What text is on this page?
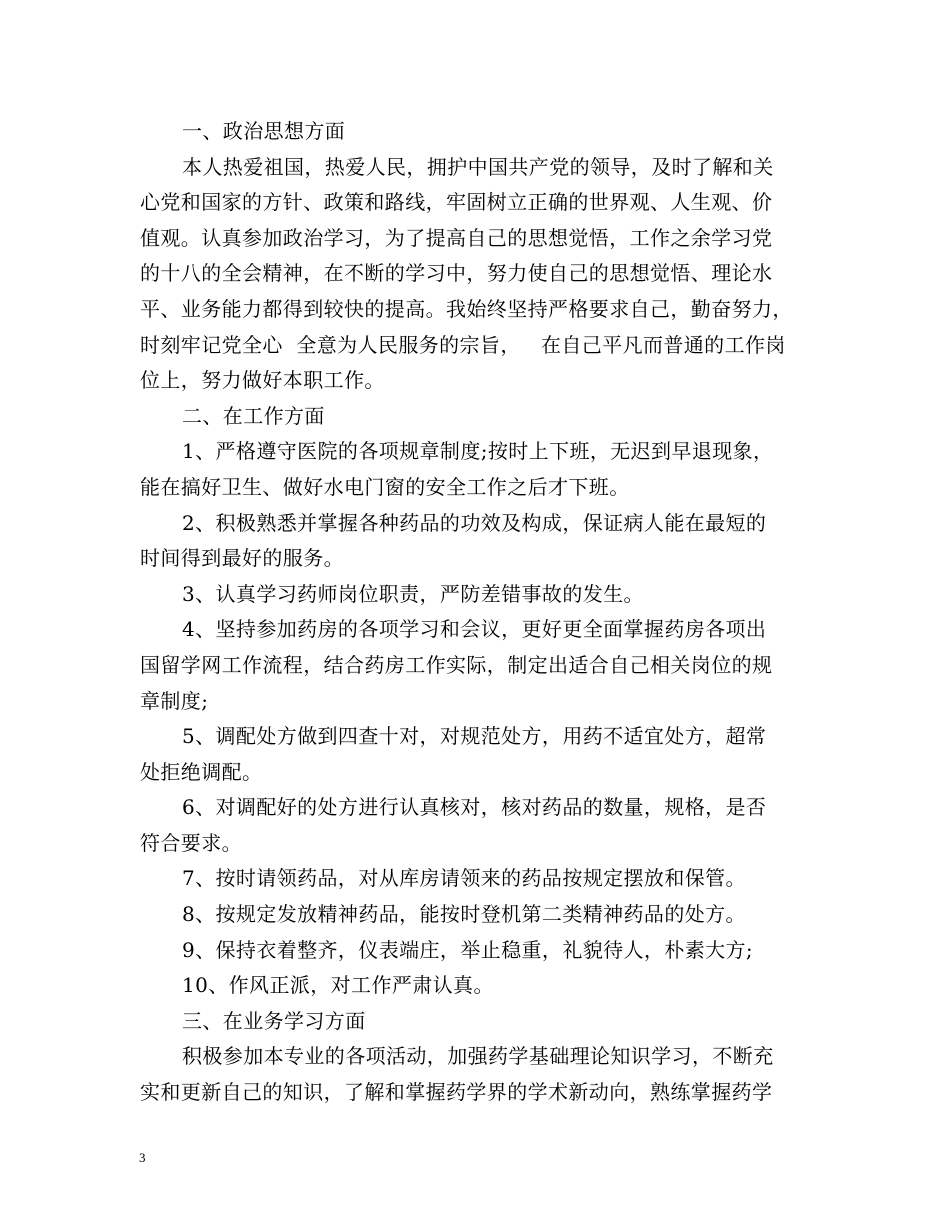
一、政治思想方面
本人热爱祖国，热爱人民，拥护中国共产党的领导，及时了解和关
心党和国家的方针、政策和路线，牢固树立正确的世界观、人生观、价
值观。认真参加政治学习，为了提高自己的思想觉悟，工作之余学习党
的十八的全会精神，在不断的学习中，努力使自己的思想觉悟、理论水
平、业务能力都得到较快的提高。我始终坚持严格要求自己，勤奋努力，
时刻牢记党全心  全意为人民服务的宗旨，   在自己平凡而普通的工作岗
位上，努力做好本职工作。
二、在工作方面
1、严格遵守医院的各项规章制度;按时上下班，无迟到早退现象，
能在搞好卫生、做好水电门窗的安全工作之后才下班。
2、积极熟悉并掌握各种药品的功效及构成，保证病人能在最短的
时间得到最好的服务。
3、认真学习药师岗位职责，严防差错事故的发生。
4、坚持参加药房的各项学习和会议，更好更全面掌握药房各项出
国留学网工作流程，结合药房工作实际，制定出适合自己相关岗位的规
章制度;
5、调配处方做到四查十对，对规范处方，用药不适宜处方，超常
处拒绝调配。
6、对调配好的处方进行认真核对，核对药品的数量，规格，是否
符合要求。
7、按时请领药品，对从库房请领来的药品按规定摆放和保管。
8、按规定发放精神药品，能按时登机第二类精神药品的处方。
9、保持衣着整齐，仪表端庄，举止稳重，礼貌待人，朴素大方;
10、作风正派，对工作严肃认真。
三、在业务学习方面
积极参加本专业的各项活动，加强药学基础理论知识学习，不断充
实和更新自己的知识，了解和掌握药学界的学术新动向，熟练掌握药学
3
